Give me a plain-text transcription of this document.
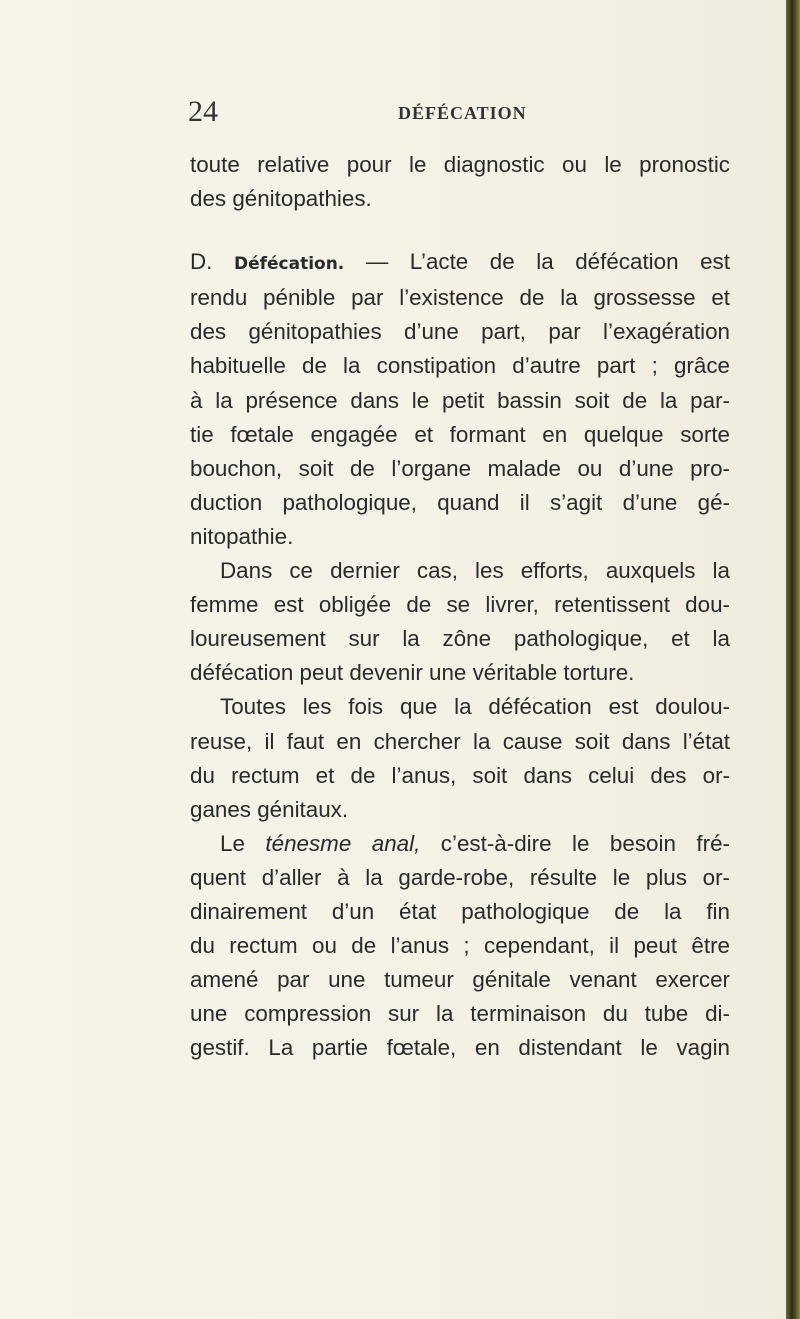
24	DÉFÉCATION

toute relative pour le diagnostic ou le pronostic
des génitopathies.

D. Défécation. — L’acte de la défécation est
rendu pénible par l’existence de la grossesse et
des génitopathies d’une part, par l’exagération
habituelle de la constipation d’autre part ; grâce
à la présence dans le petit bassin soit de la par-
tie fœtale engagée et formant en quelque sorte
bouchon, soit de l’organe malade ou d’une pro-
duction pathologique, quand il s’agit d’une gé-
nitopathie.

Dans ce dernier cas, les efforts, auxquels la
femme est obligée de se livrer, retentissent dou-
loureusement sur la zône pathologique, et la
défécation peut devenir une véritable torture.

Toutes les fois que la défécation est doulou-
reuse, il faut en chercher la cause soit dans l’état
du rectum et de l’anus, soit dans celui des or-
ganes génitaux.

Le ténesme anal, c’est-à-dire le besoin fré-
quent d’aller à la garde-robe, résulte le plus or-
dinairement d’un état pathologique de la fin
du rectum ou de l’anus ; cependant, il peut être
amené par une tumeur génitale venant exercer
une compression sur la terminaison du tube di-
gestif. La partie fœtale, en distendant le vagin
